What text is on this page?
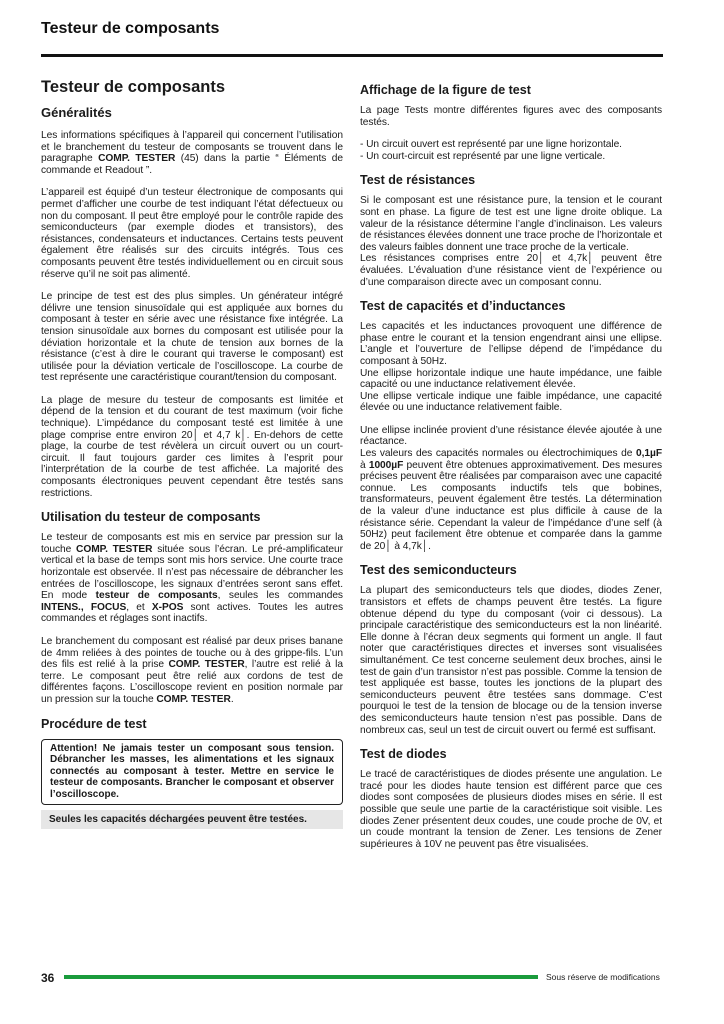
Testeur de composants
Testeur de composants
Généralités

Les informations spécifiques à l’appareil qui concernent l’utilisation et le branchement du testeur de composants se trouvent dans le paragraphe COMP. TESTER (45) dans la partie “ Éléments de commande et Readout ”.

L’appareil est équipé d’un testeur électronique de composants qui permet d’afficher une courbe de test indiquant l’état défectueux ou non du composant. Il peut être employé pour le contrôle rapide des semiconducteurs (par exemple diodes et transistors), des résistances, condensateurs et inductances. Certains tests peuvent également être réalisés sur des circuits intégrés. Tous ces composants peuvent être testés individuellement ou en circuit sous réserve qu’il ne soit pas alimenté.

Le principe de test est des plus simples. Un générateur intégré délivre une tension sinusoïdale qui est appliquée aux bornes du composant à tester en série avec une résistance fixe intégrée. La tension sinusoïdale aux bornes du composant est utilisée pour la déviation horizontale et la chute de tension aux bornes de la résistance (c’est à dire le courant qui traverse le composant) est utilisée pour la déviation verticale de l’oscilloscope. La courbe de test représente une caractéristique courant/tension du composant.

La plage de mesure du testeur de composants est limitée et dépend de la tension et du courant de test maximum (voir fiche technique). L’impédance du composant testé est limitée à une plage comprise entre environ 20│ et 4,7 k│. En-dehors de cette plage, la courbe de test révèlera un circuit ouvert ou un court-circuit. Il faut toujours garder ces limites à l’esprit pour l’interprétation de la courbe de test affichée. La majorité des composants électroniques peuvent cependant être testés sans restrictions.

Utilisation du testeur de composants

Le testeur de composants est mis en service par pression sur la touche COMP. TESTER située sous l’écran. Le pré-amplificateur vertical et la base de temps sont mis hors service. Une courte trace horizontale est observée. Il n’est pas nécessaire de débrancher les entrées de l’oscilloscope, les signaux d’entrées seront sans effet. En mode testeur de composants, seules les commandes INTENS., FOCUS, et X-POS sont actives. Toutes les autres commandes et réglages sont inactifs.

Le branchement du composant est réalisé par deux prises banane de 4mm reliées à des pointes de touche ou à des grippe-fils. L’un des fils est relié à la prise COMP. TESTER, l’autre est relié à la terre. Le composant peut être relié aux cordons de test de différentes façons. L’oscilloscope revient en position normale par un pression sur la touche COMP. TESTER.

Procédure de test
Attention! Ne jamais tester un composant sous tension. Débrancher les masses, les alimentations et les signaux connectés au composant à tester. Mettre en service le testeur de composants. Brancher le composant et observer l’oscilloscope.
Seules les capacités déchargées peuvent être testées.
Affichage de la figure de test

La page Tests montre différentes figures avec des composants testés.

- Un circuit ouvert est représenté par une ligne horizontale.

- Un court-circuit est représenté par une ligne verticale.

Test de résistances

Si le composant est une résistance pure, la tension et le courant sont en phase. La figure de test est une ligne droite oblique. La valeur de la résistance détermine l’angle d’inclinaison. Les valeurs de résistances élevées donnent une trace proche de l’horizontale et des valeurs faibles donnent une trace proche de la verticale.

Les résistances comprises entre 20│ et 4,7k│ peuvent être évaluées. L’évaluation d’une résistance vient de l’expérience ou d’une comparaison directe avec un composant connu.

Test de capacités et d’inductances

Les capacités et les inductances provoquent une différence de phase entre le courant et la tension engendrant ainsi une ellipse. L’angle et l’ouverture de l’ellipse dépend de l’impédance du composant à 50Hz.

Une ellipse horizontale indique une haute impédance, une faible capacité ou une inductance relativement élevée.

Une ellipse verticale indique une faible impédance, une capacité élevée ou une inductance relativement faible.

Une ellipse inclinée provient d’une résistance élevée ajoutée à une réactance.

Les valeurs des capacités normales ou électrochimiques de 0,1µF à 1000µF peuvent être obtenues approximativement. Des mesures précises peuvent être réalisées par comparaison avec une capacité connue. Les composants inductifs tels que bobines, transformateurs, peuvent également être testés. La détermination de la valeur d’une inductance est plus difficile à cause de la résistance série. Cependant la valeur de l’impédance d’une self (à 50Hz) peut facilement être obtenue et comparée dans la gamme de 20│ à 4,7k│.

Test des semiconducteurs

La plupart des semiconducteurs tels que diodes, diodes Zener, transistors et effets de champs peuvent être testés. La figure obtenue dépend du type du composant (voir ci dessous). La principale caractéristique des semiconducteurs est la non linéarité. Elle donne à l’écran deux segments qui forment un angle. Il faut noter que caractéristiques directes et inverses sont visualisées simultanément. Ce test concerne seulement deux broches, ainsi le test de gain d’un transistor n’est pas possible. Comme la tension de test appliquée est basse, toutes les jonctions de la plupart des semiconducteurs peuvent être testées sans dommage. C’est pourquoi le test de la tension de blocage ou de la tension inverse des semiconducteurs haute tension n’est pas possible. Dans de nombreux cas, seul un test de circuit ouvert ou fermé est suffisant.

Test de diodes

Le tracé de caractéristiques de diodes présente une angulation. Le tracé pour les diodes haute tension est différent parce que ces diodes sont composées de plusieurs diodes mises en série. Il est possible que seule une partie de la caractéristique soit visible. Les diodes Zener présentent deux coudes, une coude proche de 0V, et un coude montrant la tension de Zener. Les tensions de Zener supérieures à 10V ne peuvent pas être visualisées.

36	Sous réserve de modifications
